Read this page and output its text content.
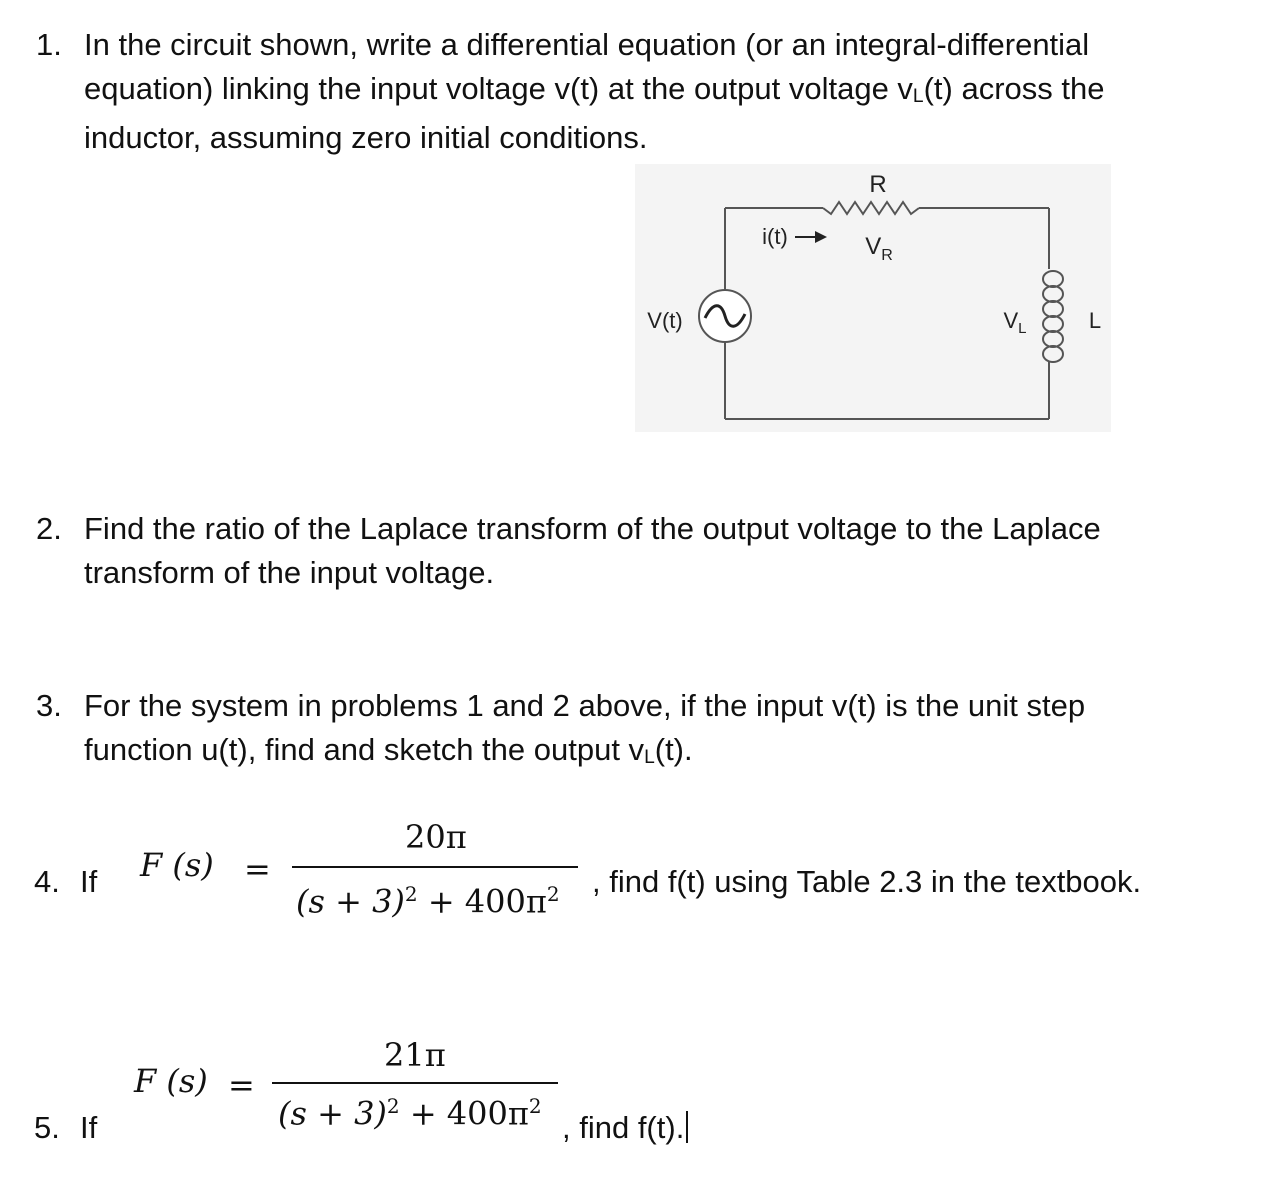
1. In the circuit shown, write a differential equation (or an integral-differential
equation) linking the input voltage v(t) at the output voltage vL(t) across the
inductor, assuming zero initial conditions.
R
i(t)	$V_R$
V(t)	$V_L$	L
2. Find the ratio of the Laplace transform of the output voltage to the Laplace
transform of the input voltage.
3. For the system in problems 1 and 2 above, if the input v(t) is the unit step
function u(t), find and sketch the output vL(t).
4. If F (s) =
20π
$(s + 3)^2 + 400\pi^2$ , find f(t) using Table 2.3 in the textbook.
5. If
F (s) =
21π
$(s + 3)^2 + 400\pi^2$
, find f(t).
